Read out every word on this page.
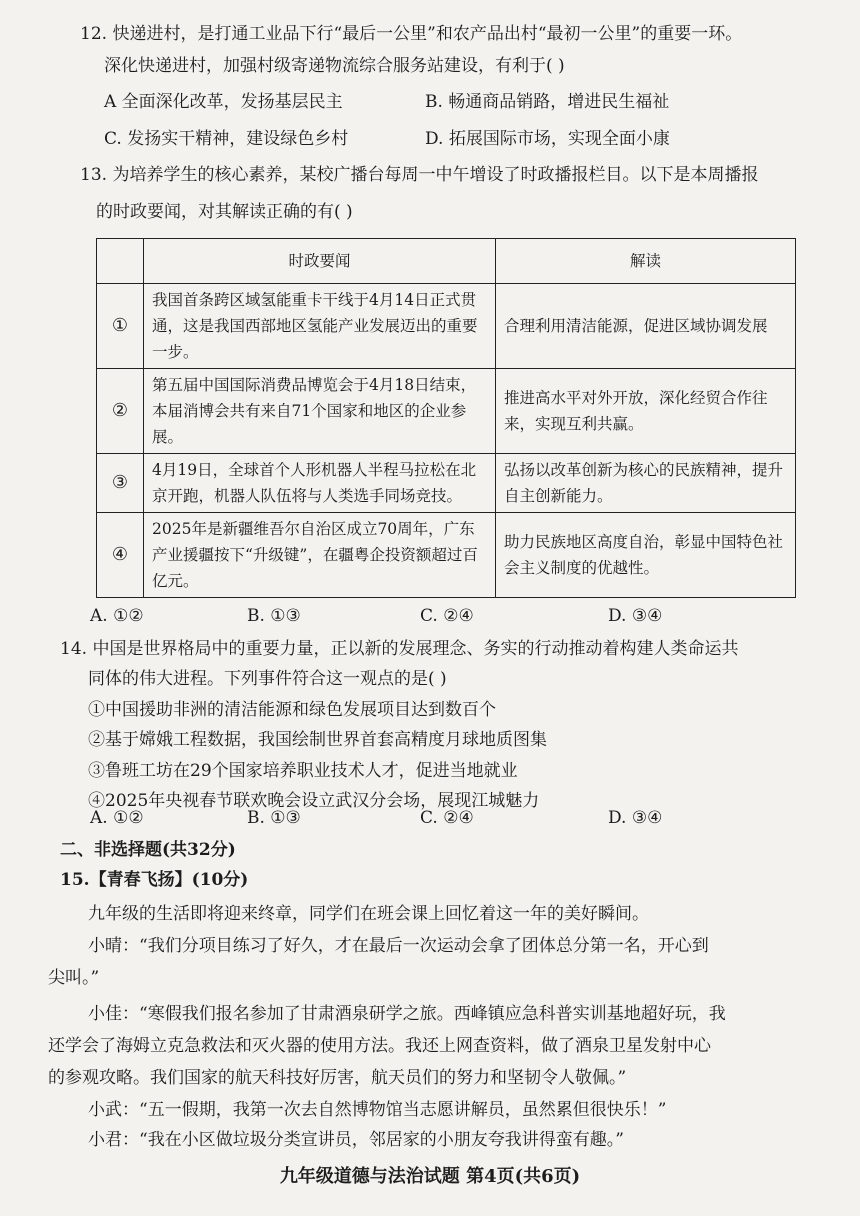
12. 快递进村，是打通工业品下行“最后一公里”和农产品出村“最初一公里”的重要一环。
深化快递进村，加强村级寄递物流综合服务站建设，有利于( )
A 全面深化改革，发扬基层民主	B. 畅通商品销路，增进民生福祉
C. 发扬实干精神，建设绿色乡村	D. 拓展国际市场，实现全面小康
13. 为培养学生的核心素养，某校广播台每周一中午增设了时政播报栏目。以下是本周播报
的时政要闻，对其解读正确的有( )
	时政要闻	解读
①	我国首条跨区域氢能重卡干线于4月14日正式贯通，这是我国西部地区氢能产业发展迈出的重要一步。	合理利用清洁能源，促进区域协调发展
②	第五届中国国际消费品博览会于4月18日结束，本届消博会共有来自71个国家和地区的企业参展。	推进高水平对外开放，深化经贸合作往来，实现互利共赢。
③	4月19日，全球首个人形机器人半程马拉松在北京开跑，机器人队伍将与人类选手同场竞技。	弘扬以改革创新为核心的民族精神，提升自主创新能力。
④	2025年是新疆维吾尔自治区成立70周年，广东产业援疆按下“升级键”，在疆粤企投资额超过百亿元。	助力民族地区高度自治，彰显中国特色社会主义制度的优越性。
A. ①②	B. ①③	C. ②④	D. ③④
14. 中国是世界格局中的重要力量，正以新的发展理念、务实的行动推动着构建人类命运共
同体的伟大进程。下列事件符合这一观点的是( )
①中国援助非洲的清洁能源和绿色发展项目达到数百个
②基于嫦娥工程数据，我国绘制世界首套高精度月球地质图集
③鲁班工坊在29个国家培养职业技术人才，促进当地就业
④2025年央视春节联欢晚会设立武汉分会场，展现江城魅力
A. ①②	B. ①③	C. ②④	D. ③④
二、非选择题(共32分)
15.【青春飞扬】(10分)
九年级的生活即将迎来终章，同学们在班会课上回忆着这一年的美好瞬间。
小晴：“我们分项目练习了好久，才在最后一次运动会拿了团体总分第一名，开心到
尖叫。”
小佳：“寒假我们报名参加了甘肃酒泉研学之旅。西峰镇应急科普实训基地超好玩，我
还学会了海姆立克急救法和灭火器的使用方法。我还上网查资料，做了酒泉卫星发射中心
的参观攻略。我们国家的航天科技好厉害，航天员们的努力和坚韧令人敬佩。”
小武：“五一假期，我第一次去自然博物馆当志愿讲解员，虽然累但很快乐！”
小君：“我在小区做垃圾分类宣讲员，邻居家的小朋友夸我讲得蛮有趣。”
九年级道德与法治试题 第4页(共6页)
